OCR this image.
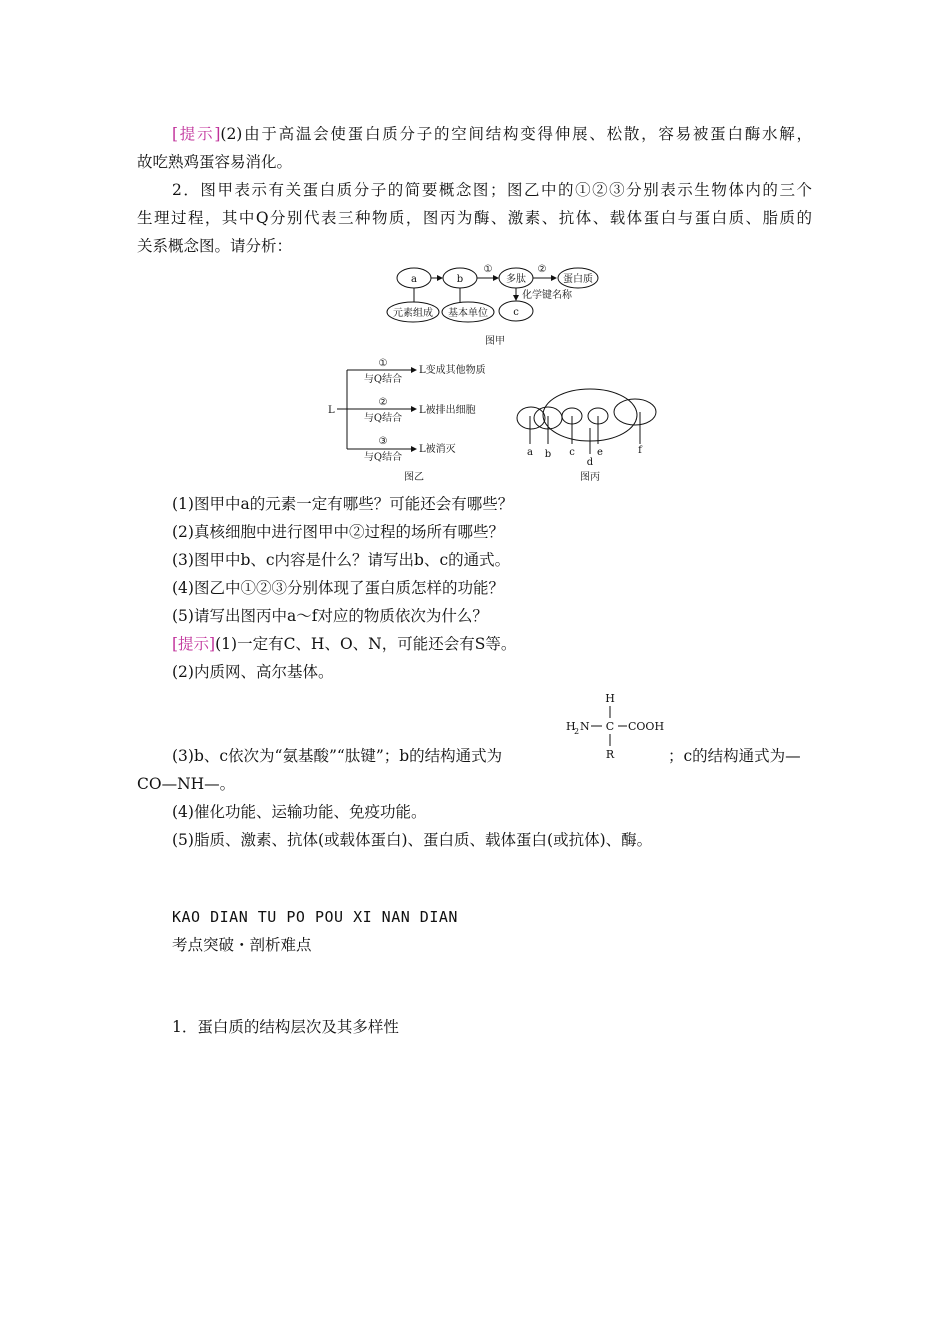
[提示](2)由于高温会使蛋白质分子的空间结构变得伸展、松散，容易被蛋白酶水解，
故吃熟鸡蛋容易消化。
2．图甲表示有关蛋白质分子的简要概念图；图乙中的①②③分别表示生物体内的三个
生理过程，其中Q分别代表三种物质，图丙为酶、激素、抗体、载体蛋白与蛋白质、脂质的
关系概念图。请分析：
a	b
①
多肽
②
蛋白质
化学键名称
元素组成 基本单位	c
图甲
L
①
与Q结合
②
与Q结合
③
与Q结合
L变成其他物质
L被排出细胞
L被消灭
图乙
a b c e
d
f
图丙
(1)图甲中a的元素一定有哪些？可能还会有哪些？
(2)真核细胞中进行图甲中②过程的场所有哪些？
(3)图甲中b、c内容是什么？请写出b、c的通式。
(4)图乙中①②③分别体现了蛋白质怎样的功能？
(5)请写出图丙中a～f对应的物质依次为什么？
[提示](1)一定有C、H、O、N，可能还会有S等。
(2)内质网、高尔基体。
H
H
2 N C COOH
R
(3)b、c依次为“氨基酸”“肽键”；b的结构通式为	；c的结构通式为—
CO—NH—。
(4)催化功能、运输功能、免疫功能。
(5)脂质、激素、抗体(或载体蛋白)、蛋白质、载体蛋白(或抗体)、酶。
KAO DIAN TU PO POU XI NAN DIAN
考点突破・剖析难点
1．蛋白质的结构层次及其多样性
